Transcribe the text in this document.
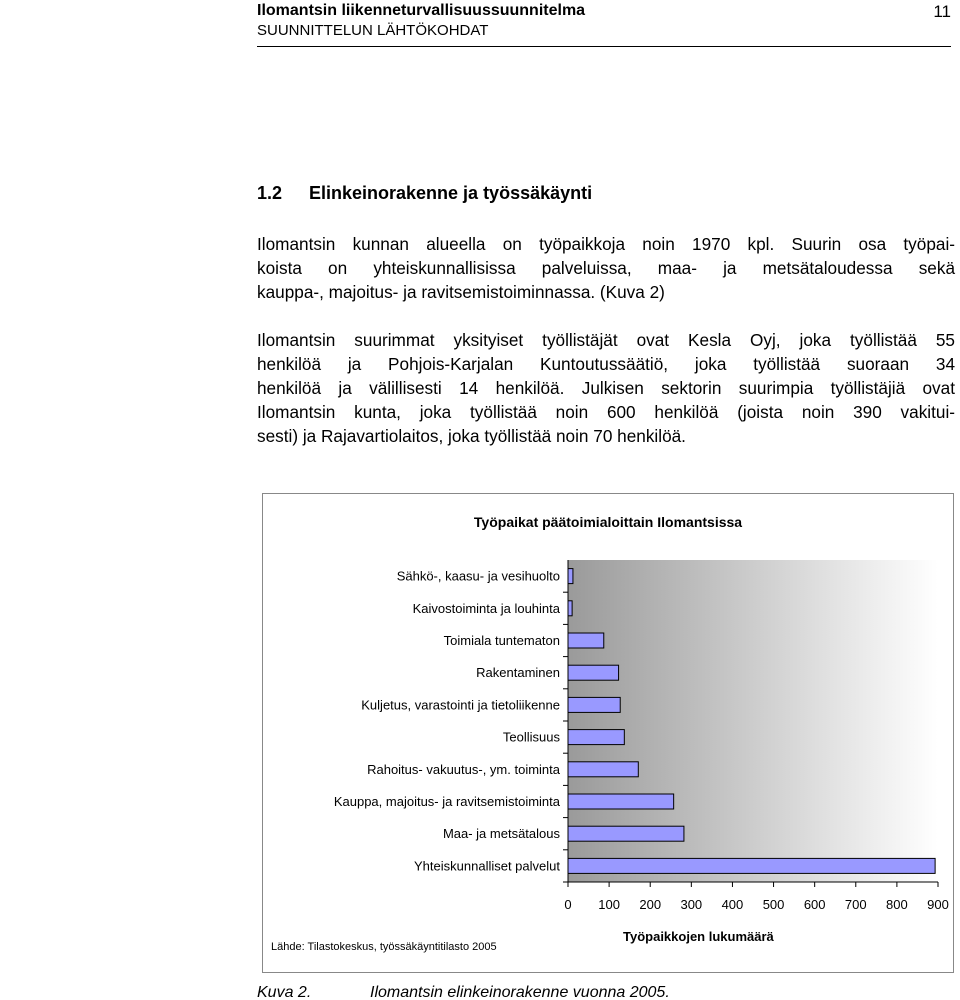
Ilomantsin liikenneturvallisuussuunnitelma
SUUNNITTELUN LÄHTÖKOHDAT
11
1.2 Elinkeinorakenne ja työssäkäynti
Ilomantsin kunnan alueella on työpaikkoja noin 1970 kpl. Suurin osa työpai-
koista on yhteiskunnallisissa palveluissa, maa- ja metsätaloudessa sekä
kauppa-, majoitus- ja ravitsemistoiminnassa. (Kuva 2)
Ilomantsin suurimmat yksityiset työllistäjät ovat Kesla Oyj, joka työllistää 55
henkilöä ja Pohjois-Karjalan Kuntoutussäätiö, joka työllistää suoraan 34
henkilöä ja välillisesti 14 henkilöä. Julkisen sektorin suurimpia työllistäjiä ovat
Ilomantsin kunta, joka työllistää noin 600 henkilöä (joista noin 390 vakitui-
sesti) ja Rajavartiolaitos, joka työllistää noin 70 henkilöä.
Työpaikat päätoimialoittain Ilomantsissa
Sähkö-, kaasu- ja vesihuolto
Kaivostoiminta ja louhinta
Toimiala tuntematon
Rakentaminen
Kuljetus, varastointi ja tietoliikenne
Teollisuus
Rahoitus- vakuutus-, ym. toiminta
Kauppa, majoitus- ja ravitsemistoiminta
Maa- ja metsätalous
Yhteiskunnalliset palvelut
0 100 200 300 400 500 600 700 800 900
Työpaikkojen lukumäärä
Lähde: Tilastokeskus, työssäkäyntitilasto 2005
Kuva 2.	Ilomantsin elinkeinorakenne vuonna 2005.
